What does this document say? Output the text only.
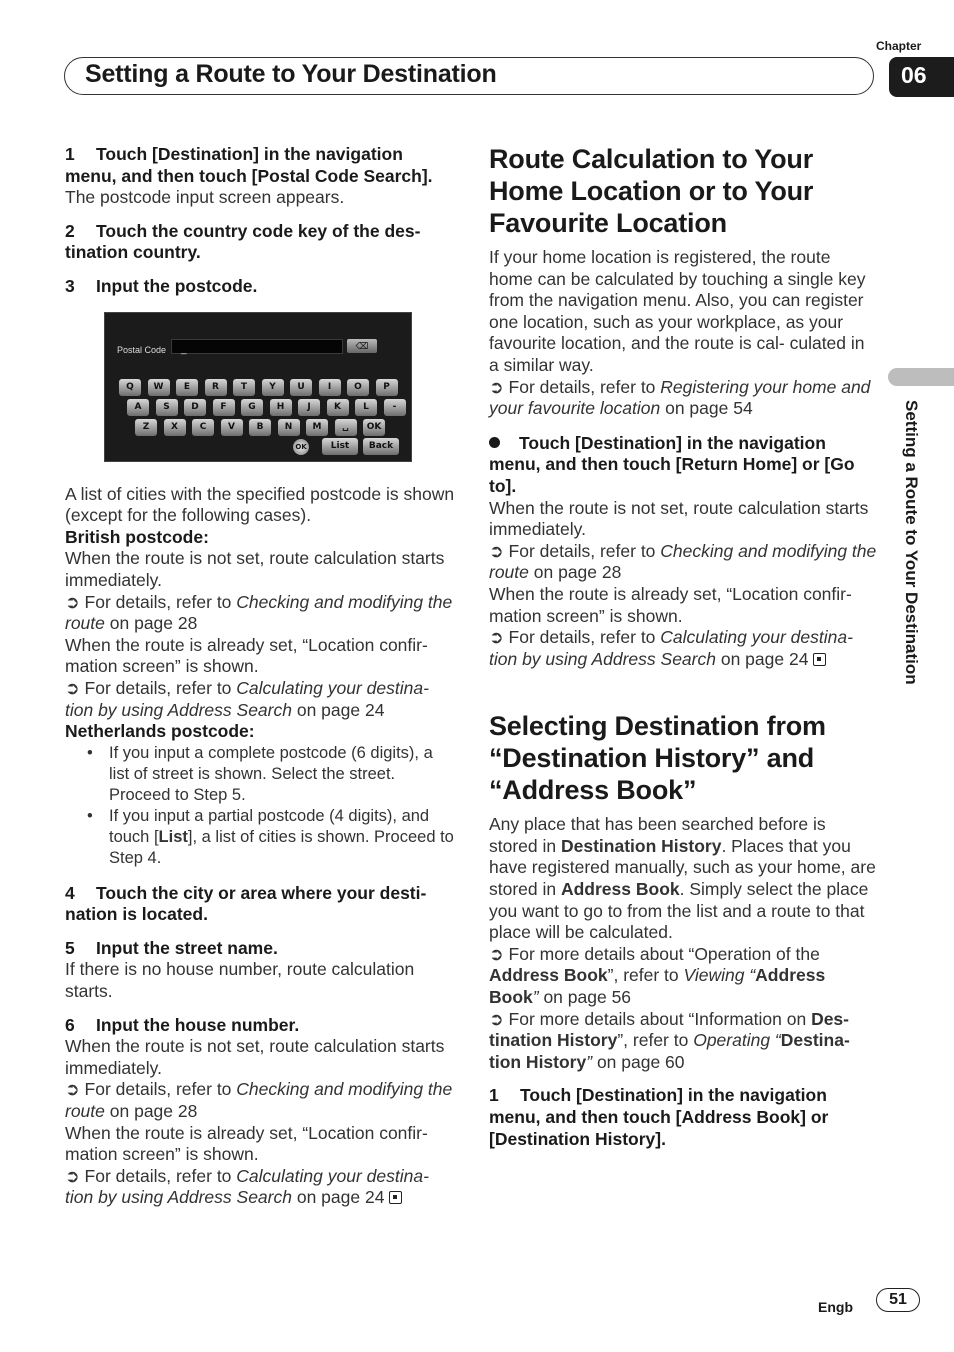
Setting a Route to Your Destination
Chapter
06
Setting a Route to Your Destination

1 Touch [Destination] in the navigation menu, and then touch [Postal Code Search].

The postcode input screen appears.

2 Touch the country code key of the des- tination country.

3 Input the postcode.

Postal Code _	⌫
Q	W	E	R	T	Y	U	I	O	P
A	S	D	F	G	H	J	K	L	-
Z	X	C	V	B	N	M	␣	OK
OK	List	Back

A list of cities with the specified postcode is shown (except for the following cases).

British postcode:

When the route is not set, route calculation starts immediately.

➲ For details, refer to Checking and modifying the route on page 28

When the route is already set, “Location confir- mation screen” is shown.

➲ For details, refer to Calculating your destina- tion by using Address Search on page 24

Netherlands postcode:

• If you input a complete postcode (6 digits), a list of street is shown. Select the street. Proceed to Step 5.
• If you input a partial postcode (4 digits), and touch [List], a list of cities is shown. Proceed to Step 4.

4 Touch the city or area where your desti- nation is located.

5 Input the street name.

If there is no house number, route calculation starts.

6 Input the house number.

When the route is not set, route calculation starts immediately.

➲ For details, refer to Checking and modifying the route on page 28

When the route is already set, “Location confir- mation screen” is shown.

➲ For details, refer to Calculating your destina- tion by using Address Search on page 24

Route Calculation to Your Home Location or to Your Favourite Location

If your home location is registered, the route home can be calculated by touching a single key from the navigation menu. Also, you can register one location, such as your workplace, as your favourite location, and the route is cal- culated in a similar way.

➲ For details, refer to Registering your home and your favourite location on page 54

Touch [Destination] in the navigation menu, and then touch [Return Home] or [Go to].

When the route is not set, route calculation starts immediately.

➲ For details, refer to Checking and modifying the route on page 28

When the route is already set, “Location confir- mation screen” is shown.

➲ For details, refer to Calculating your destina- tion by using Address Search on page 24

Selecting Destination from “Destination History” and “Address Book”

Any place that has been searched before is stored in Destination History. Places that you have registered manually, such as your home, are stored in Address Book. Simply select the place you want to go to from the list and a route to that place will be calculated.

➲ For more details about “Operation of the Address Book”, refer to Viewing “Address Book” on page 56

➲ For more details about “Information on Des- tination History”, refer to Operating “Destina- tion History” on page 60

1 Touch [Destination] in the navigation menu, and then touch [Address Book] or [Destination History].

Engb	51
